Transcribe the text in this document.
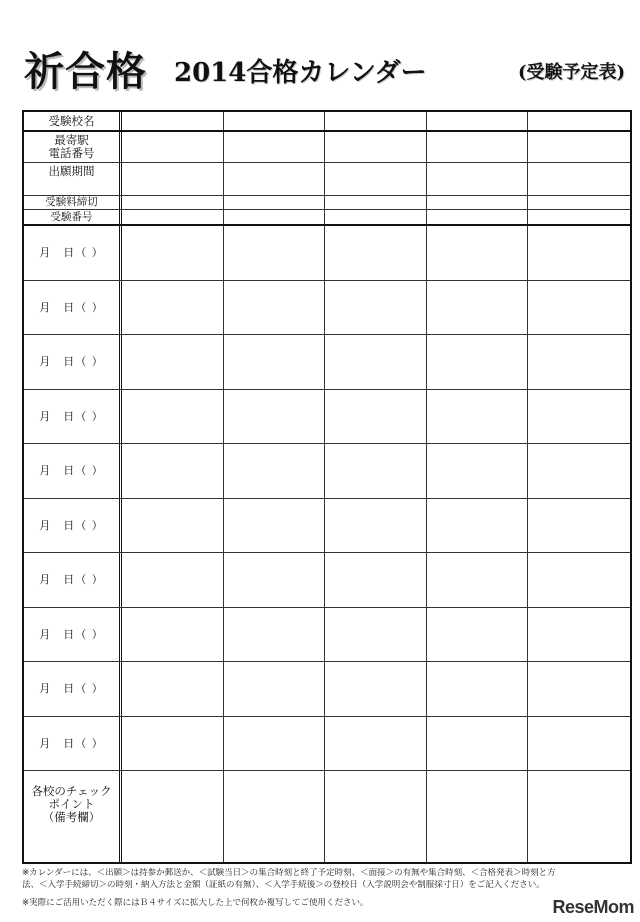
祈合格 2014合格カレンダー	(受験予定表)
受験校名
最寄駅
電話番号
出願期間
受験料締切
受験番号
月　日（ ）
月　日（ ）
月　日（ ）
月　日（ ）
月　日（ ）
月　日（ ）
月　日（ ）
月　日（ ）
月　日（ ）
月　日（ ）
各校のチェック
ポイント
（備考欄）
※カレンダーには、＜出願＞は持参か郵送か、＜試験当日＞の集合時刻と終了予定時刻、＜面接＞の有無や集合時刻、＜合格発表＞時刻と方
法、＜入学手続締切＞の時刻・納入方法と金額（証紙の有無）、＜入学手続後＞の登校日（入学説明会や制服採寸日）をご記入ください。
※実際にご活用いただく際にはＢ４サイズに拡大した上で何枚か複写してご使用ください。	ReseMom
